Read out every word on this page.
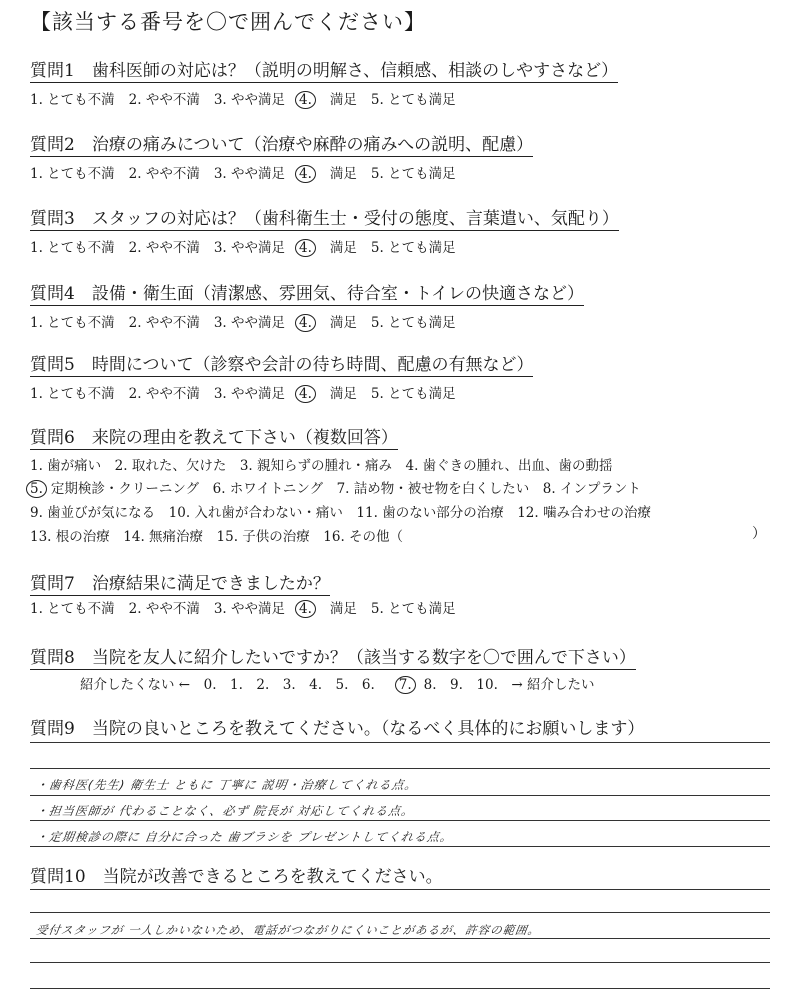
【該当する番号を〇で囲んでください】
質問1　歯科医師の対応は？（説明の明解さ、信頼感、相談のしやすさなど）
1. とても不満 2. やや不満 3. やや満足 4. 満足 5. とても満足
質問2　治療の痛みについて（治療や麻酔の痛みへの説明、配慮）
1. とても不満 2. やや不満 3. やや満足 4. 満足 5. とても満足
質問3　スタッフの対応は？（歯科衛生士・受付の態度、言葉遣い、気配り）
1. とても不満 2. やや不満 3. やや満足 4. 満足 5. とても満足
質問4　設備・衛生面（清潔感、雰囲気、待合室・トイレの快適さなど）
1. とても不満 2. やや不満 3. やや満足 4. 満足 5. とても満足
質問5　時間について（診察や会計の待ち時間、配慮の有無など）
1. とても不満 2. やや不満 3. やや満足 4. 満足 5. とても満足
質問6　来院の理由を教えて下さい（複数回答）
1. 歯が痛い　2. 取れた、欠けた　3. 親知らずの腫れ・痛み　4. 歯ぐきの腫れ、出血、歯の動揺
5. 定期検診・クリーニング　6. ホワイトニング　7. 詰め物・被せ物を白くしたい　8. インプラント
9. 歯並びが気になる　10. 入れ歯が合わない・痛い　11. 歯のない部分の治療　12. 噛み合わせの治療
13. 根の治療　14. 無痛治療　15. 子供の治療　16. その他（	）
質問7　治療結果に満足できましたか？
1. とても不満 2. やや不満 3. やや満足 4. 満足 5. とても満足
質問8　当院を友人に紹介したいですか？（該当する数字を〇で囲んで下さい）
紹介したくない ←　0.　1.　2.　3.　4.　5.　6. 7. 8.　9.　10.　→ 紹介したい
質問9　当院の良いところを教えてください。（なるべく具体的にお願いします）
・歯科医(先生) 衛生士 ともに 丁寧に 説明・治療してくれる点。
・担当医師が 代わることなく、必ず 院長が 対応してくれる点。
・定期検診の際に 自分に合った 歯ブラシを プレゼントしてくれる点。
質問10　当院が改善できるところを教えてください。
受付スタッフが 一人しかいないため、電話がつながりにくいことがあるが、許容の範囲。
